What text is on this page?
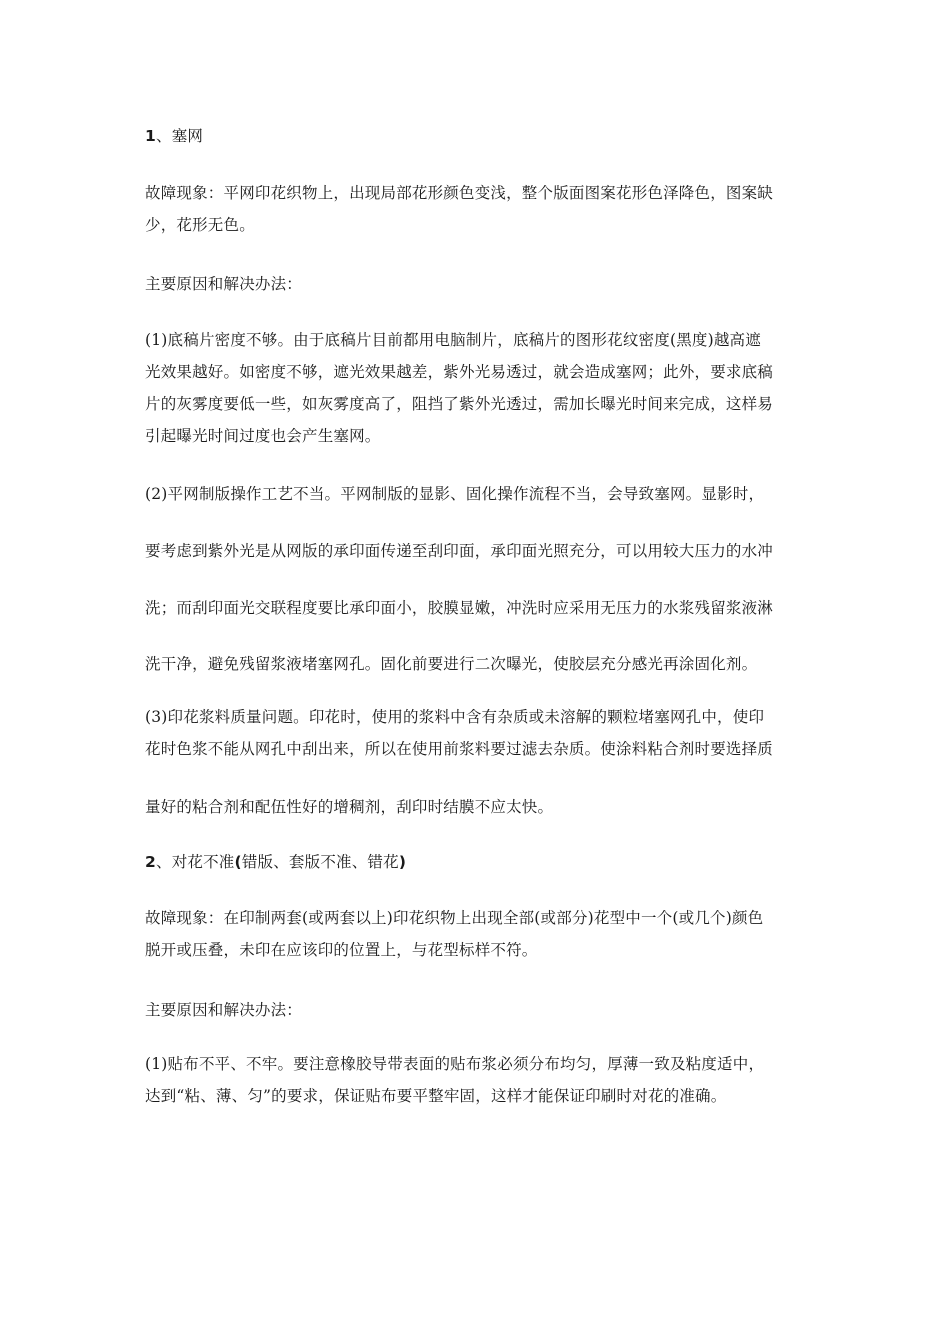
1、塞网
故障现象：平网印花织物上，出现局部花形颜色变浅，整个版面图案花形色泽降色，图案缺
少，花形无色。
主要原因和解决办法：
(1)底稿片密度不够。由于底稿片目前都用电脑制片，底稿片的图形花纹密度(黑度)越高遮
光效果越好。如密度不够，遮光效果越差，紫外光易透过，就会造成塞网；此外，要求底稿
片的灰雾度要低一些，如灰雾度高了，阻挡了紫外光透过，需加长曝光时间来完成，这样易
引起曝光时间过度也会产生塞网。
(2)平网制版操作工艺不当。平网制版的显影、固化操作流程不当，会导致塞网。显影时，
要考虑到紫外光是从网版的承印面传递至刮印面，承印面光照充分，可以用较大压力的水冲
洗；而刮印面光交联程度要比承印面小，胶膜显嫩，冲洗时应采用无压力的水浆残留浆液淋
洗干净，避免残留浆液堵塞网孔。固化前要进行二次曝光，使胶层充分感光再涂固化剂。
(3)印花浆料质量问题。印花时，使用的浆料中含有杂质或未溶解的颗粒堵塞网孔中，使印
花时色浆不能从网孔中刮出来，所以在使用前浆料要过滤去杂质。使涂料粘合剂时要选择质
量好的粘合剂和配伍性好的增稠剂，刮印时结膜不应太快。
2、对花不准(错版、套版不准、错花)
故障现象：在印制两套(或两套以上)印花织物上出现全部(或部分)花型中一个(或几个)颜色
脱开或压叠，未印在应该印的位置上，与花型标样不符。
主要原因和解决办法：
(1)贴布不平、不牢。要注意橡胶导带表面的贴布浆必须分布均匀，厚薄一致及粘度适中，
达到“粘、薄、匀”的要求，保证贴布要平整牢固，这样才能保证印刷时对花的准确。
